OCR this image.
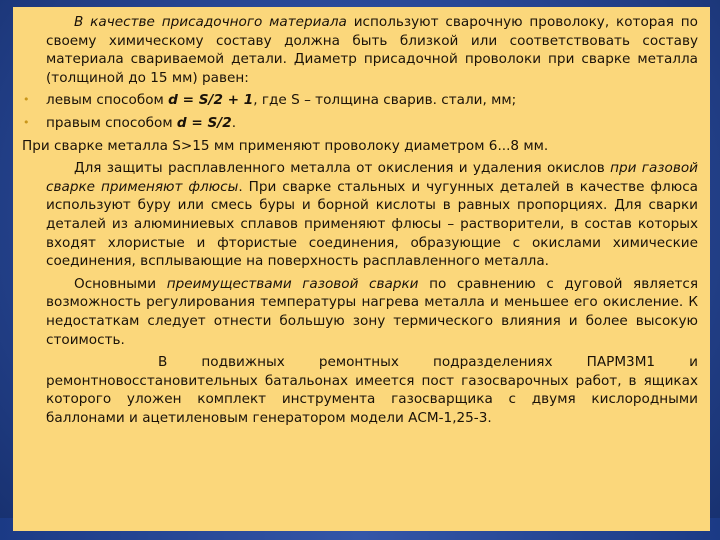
В качестве присадочного материала используют сварочную проволоку, которая по своему химическому составу должна быть близкой или соответствовать составу материала свариваемой детали. Диаметр присадочной проволоки при сварке металла (толщиной до 15 мм) равен:

• левым способом d = S/2 + 1, где S – толщина сварив. стали, мм;

• правым способом d = S/2.

При сварке металла S>15 мм применяют проволоку диаметром 6...8 мм.

Для защиты расплавленного металла от окисления и удаления окислов при газовой сварке применяют флюсы. При сварке стальных и чугунных деталей в качестве флюса используют буру или смесь буры и борной кислоты в равных пропорциях. Для сварки деталей из алюминиевых сплавов применяют флюсы – растворители, в состав которых входят хлористые и фтористые соединения, образующие с окислами химические соединения, всплывающие на поверхность расплавленного металла.

Основными преимуществами газовой сварки по сравнению с дуговой является возможность регулирования температуры нагрева металла и меньшее его окисление. К недостаткам следует отнести большую зону термического влияния и более высокую стоимость.

В подвижных ремонтных подразделениях ПАРМ3М1 и ремонтновосстановительных батальонах имеется пост газосварочных работ, в ящиках которого уложен комплект инструмента газосварщика с двумя кислородными баллонами и ацетиленовым генератором модели АСМ-1,25-3.
